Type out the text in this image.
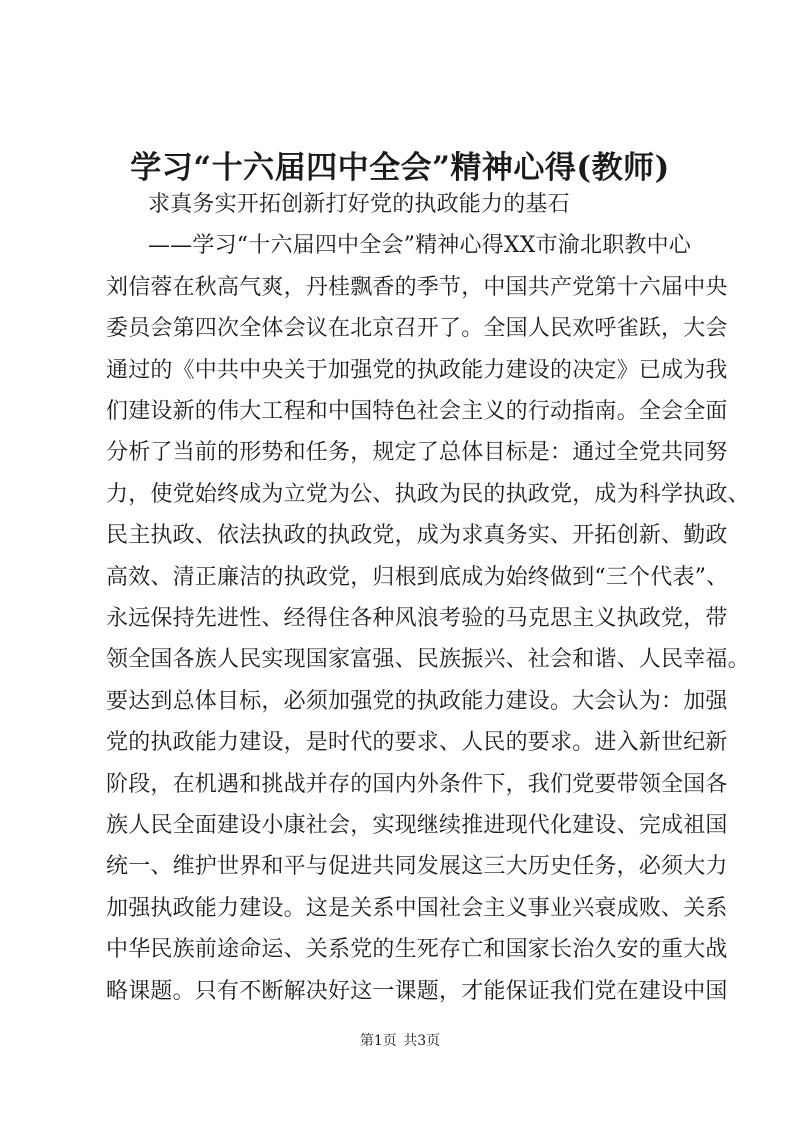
学习“十六届四中全会”精神心得(教师)
求真务实开拓创新打好党的执政能力的基石
——学习“十六届四中全会”精神心得XX市渝北职教中心
刘信蓉在秋高气爽，丹桂飘香的季节，中国共产党第十六届中央
委员会第四次全体会议在北京召开了。全国人民欢呼雀跃，大会
通过的《中共中央关于加强党的执政能力建设的决定》已成为我
们建设新的伟大工程和中国特色社会主义的行动指南。全会全面
分析了当前的形势和任务，规定了总体目标是：通过全党共同努
力，使党始终成为立党为公、执政为民的执政党，成为科学执政、
民主执政、依法执政的执政党，成为求真务实、开拓创新、勤政
高效、清正廉洁的执政党，归根到底成为始终做到“三个代表”、
永远保持先进性、经得住各种风浪考验的马克思主义执政党，带
领全国各族人民实现国家富强、民族振兴、社会和谐、人民幸福。
要达到总体目标，必须加强党的执政能力建设。大会认为：加强
党的执政能力建设，是时代的要求、人民的要求。进入新世纪新
阶段，在机遇和挑战并存的国内外条件下，我们党要带领全国各
族人民全面建设小康社会，实现继续推进现代化建设、完成祖国
统一、维护世界和平与促进共同发展这三大历史任务，必须大力
加强执政能力建设。这是关系中国社会主义事业兴衰成败、关系
中华民族前途命运、关系党的生死存亡和国家长治久安的重大战
略课题。只有不断解决好这一课题，才能保证我们党在建设中国
第1页 共3页
